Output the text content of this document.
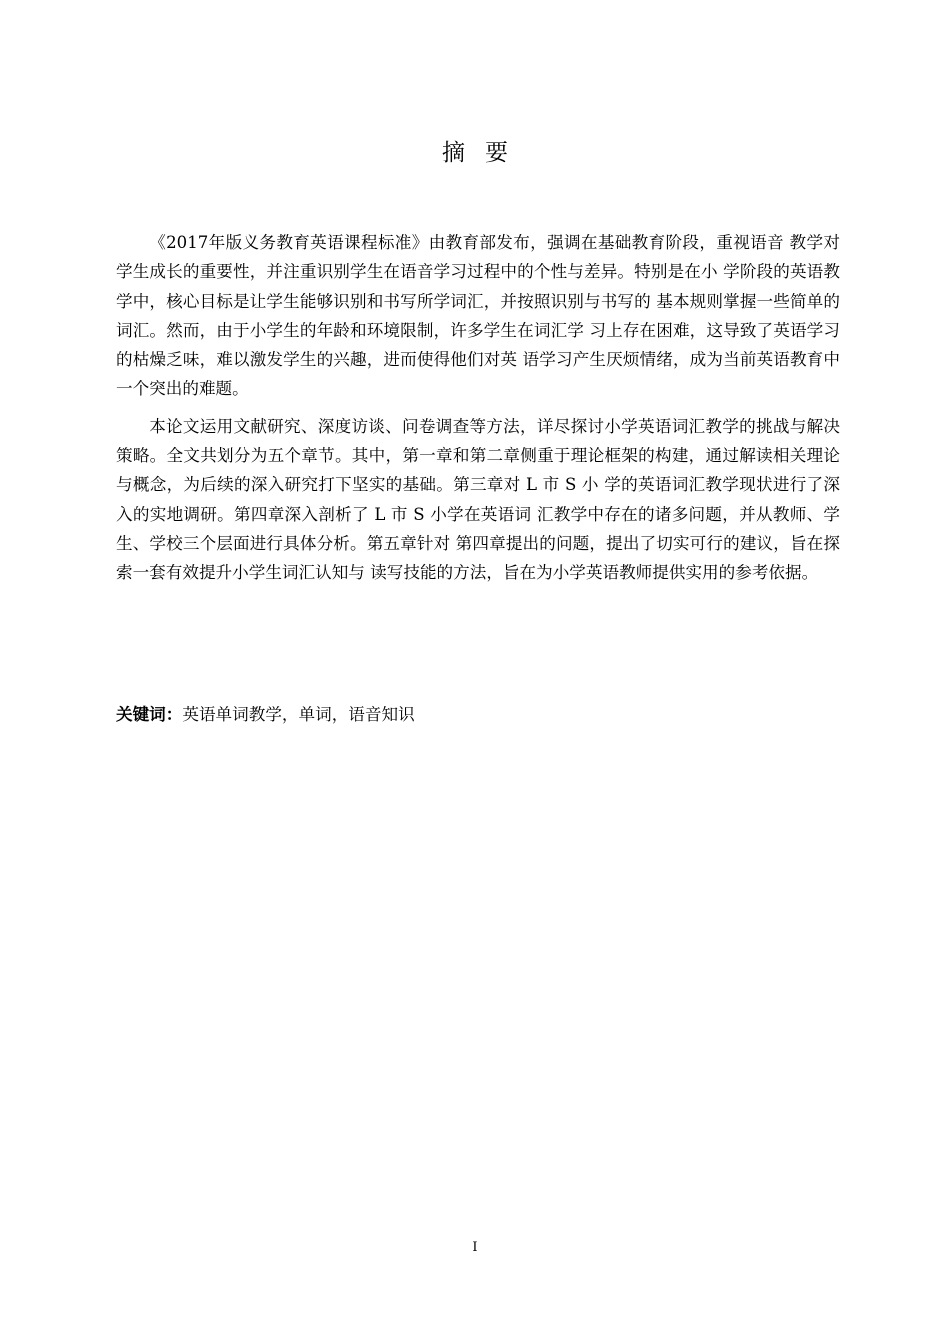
摘要

《2017年版义务教育英语课程标准》由教育部发布，强调在基础教育阶段，重视语音 教学对学生成长的重要性，并注重识别学生在语音学习过程中的个性与差异。特别是在小 学阶段的英语教学中，核心目标是让学生能够识别和书写所学词汇，并按照识别与书写的 基本规则掌握一些简单的词汇。然而，由于小学生的年龄和环境限制，许多学生在词汇学 习上存在困难，这导致了英语学习的枯燥乏味，难以激发学生的兴趣，进而使得他们对英 语学习产生厌烦情绪，成为当前英语教育中一个突出的难题。

本论文运用文献研究、深度访谈、问卷调查等方法，详尽探讨小学英语词汇教学的挑战与解决策略。全文共划分为五个章节。其中，第一章和第二章侧重于理论框架的构建，通过解读相关理论与概念，为后续的深入研究打下坚实的基础。第三章对 L 市 S 小 学的英语词汇教学现状进行了深入的实地调研。第四章深入剖析了 L 市 S 小学在英语词 汇教学中存在的诸多问题，并从教师、学生、学校三个层面进行具体分析。第五章针对 第四章提出的问题，提出了切实可行的建议，旨在探索一套有效提升小学生词汇认知与 读写技能的方法，旨在为小学英语教师提供实用的参考依据。

关键词：英语单词教学，单词，语音知识
I
